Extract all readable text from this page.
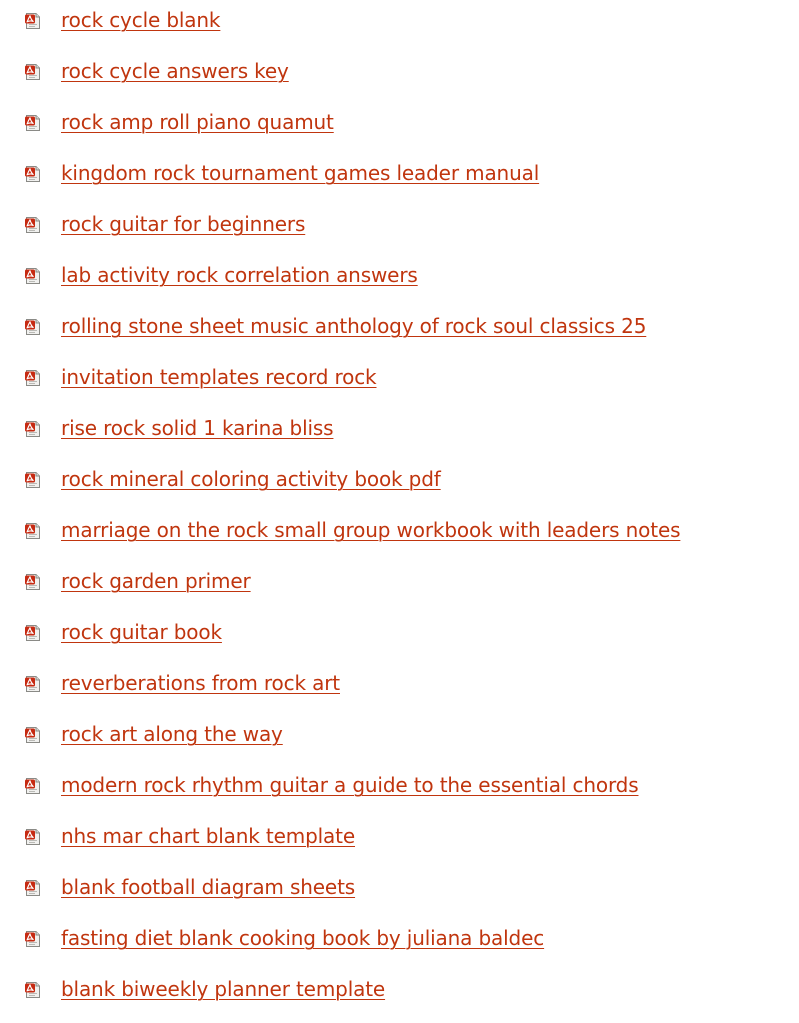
rock cycle blank
rock cycle answers key
rock amp roll piano quamut
kingdom rock tournament games leader manual
rock guitar for beginners
lab activity rock correlation answers
rolling stone sheet music anthology of rock soul classics 25
invitation templates record rock
rise rock solid 1 karina bliss
rock mineral coloring activity book pdf
marriage on the rock small group workbook with leaders notes
rock garden primer
rock guitar book
reverberations from rock art
rock art along the way
modern rock rhythm guitar a guide to the essential chords
nhs mar chart blank template
blank football diagram sheets
fasting diet blank cooking book by juliana baldec
blank biweekly planner template
